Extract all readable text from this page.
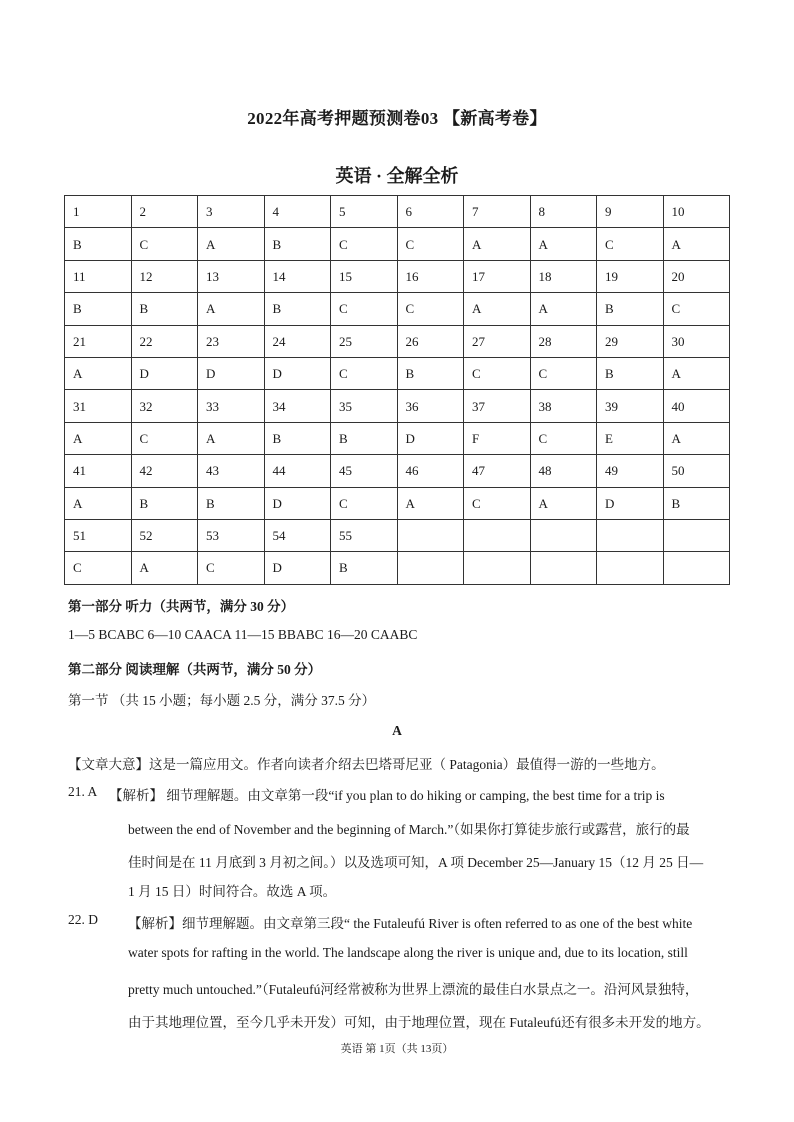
2022年高考押题预测卷03 【新高考卷】
英语 · 全解全析
1	2	3	4	5	6	7	8	9	10
B	C	A	B	C	C	A	A	C	A
11	12	13	14	15	16	17	18	19	20
B	B	A	B	C	C	A	A	B	C
21	22	23	24	25	26	27	28	29	30
A	D	D	D	C	B	C	C	B	A
31	32	33	34	35	36	37	38	39	40
A	C	A	B	B	D	F	C	E	A
41	42	43	44	45	46	47	48	49	50
A	B	B	D	C	A	C	A	D	B
51	52	53	54	55					
C	A	C	D	B					
第一部分 听力（共两节，满分 30 分）
1—5 BCABC 6—10 CAACA 11—15 BBABC 16—20 CAABC
第二部分 阅读理解（共两节，满分 50 分）
第一节 （共 15 小题；每小题 2.5 分，满分 37.5 分）
A
【文章大意】这是一篇应用文。作者向读者介绍去巴塔哥尼亚（ Patagonia）最值得一游的一些地方。
21. A 【解析】 细节理解题。由文章第一段“if you plan to do hiking or camping, the best time for a trip is
between the end of November and the beginning of March.”（如果你打算徒步旅行或露营，旅行的最
佳时间是在 11 月底到 3 月初之间。）以及选项可知，A 项 December 25—January 15（12 月 25 日—
1 月 15 日）时间符合。故选 A 项。
22. D 【解析】细节理解题。由文章第三段“ the Futaleufú River is often referred to as one of the best white
water spots for rafting in the world. The landscape along the river is unique and, due to its location, still
pretty much untouched.”（Futaleufú河经常被称为世界上漂流的最佳白水景点之一。沿河风景独特，
由于其地理位置，至今几乎未开发）可知，由于地理位置，现在 Futaleufú还有很多未开发的地方。
英语 第 1页（共 13页）
